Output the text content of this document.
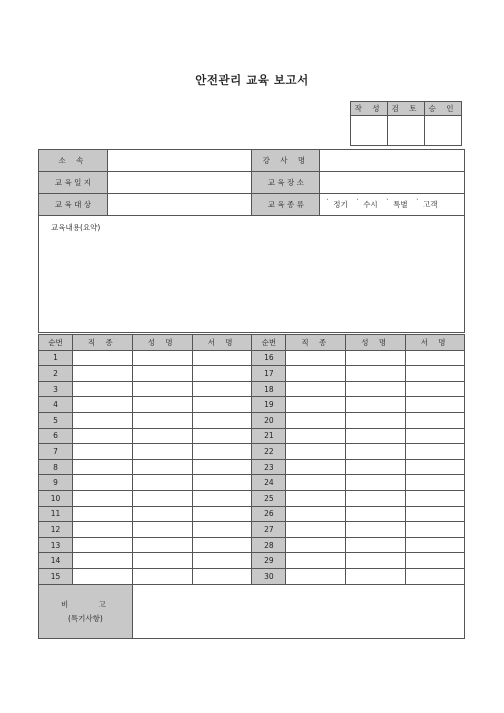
안전관리 교육 보고서
작 성	검 토	승 인

소 속		강 사 명	
교 육 일 지		교 육 장 소	
교 육 대 상		교 육 종 류	ˋ 정기 ˋ 수시 ˋ 특별 ˋ 고객
교육내용(요약)			
순번	직 종	성 명	서 명	순번	직 종	성 명	서 명
1				16			
2				17			
3				18			
4				19			
5				20			
6				21			
7				22			
8				23			
9				24			
10				25			
11				26			
12				27			
13				28			
14				29			
15				30			
비 고
(특기사항)
